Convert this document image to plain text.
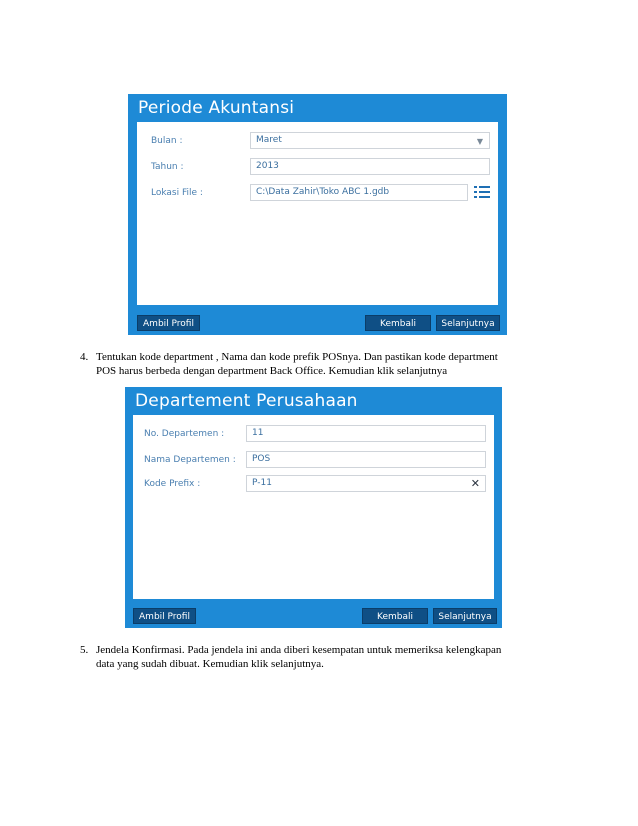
Periode Akuntansi
Bulan :	Maret	▼
Tahun :	2013
Lokasi File :	C:\Data Zahir\Toko ABC 1.gdb
Ambil Profil	Kembali	Selanjutnya
4. Tentukan kode department , Nama dan kode prefik POSnya. Dan pastikan kode department
POS harus berbeda dengan department Back Office. Kemudian klik selanjutnya
Departement Perusahaan
No. Departemen :	11
Nama Departemen :	POS
Kode Prefix :	P-11	✕
Ambil Profil	Kembali	Selanjutnya
5. Jendela Konfirmasi. Pada jendela ini anda diberi kesempatan untuk memeriksa kelengkapan
data yang sudah dibuat. Kemudian klik selanjutnya.
